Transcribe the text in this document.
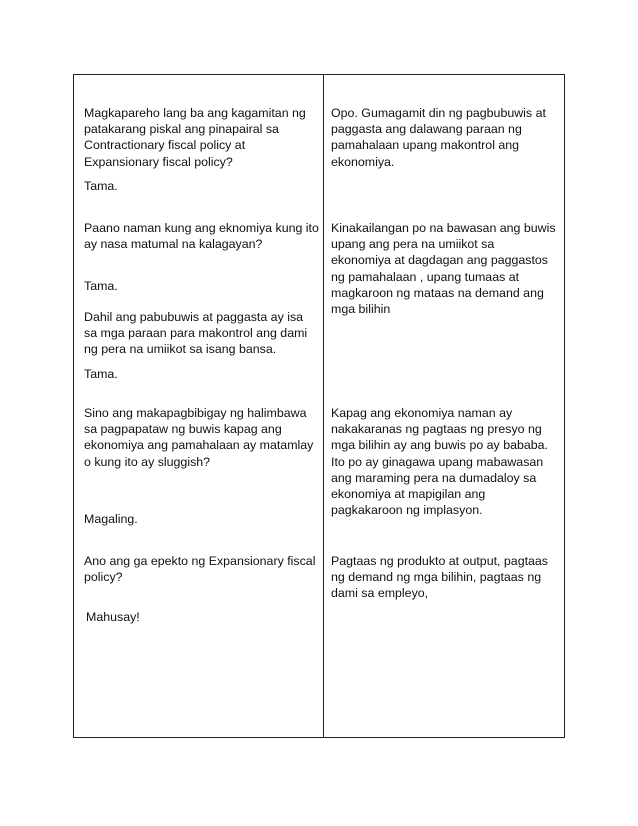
Magkapareho lang ba ang kagamitan ng
patakarang piskal ang pinapairal sa
Contractionary fiscal policy at
Expansionary fiscal policy?

Tama.

Paano naman kung ang eknomiya kung ito
ay nasa matumal na kalagayan?

Tama.

Dahil ang pabubuwis at paggasta ay isa
sa mga paraan para makontrol ang dami
ng pera na umiikot sa isang bansa.

Tama.

Sino ang makapagbibigay ng halimbawa
sa pagpapataw ng buwis kapag ang
ekonomiya ang pamahalaan ay matamlay
o kung ito ay sluggish?

Magaling.

Ano ang ga epekto ng Expansionary fiscal
policy?

Mahusay!

Opo. Gumagamit din ng pagbubuwis at
paggasta ang dalawang paraan ng
pamahalaan upang makontrol ang
ekonomiya.

Kinakailangan po na bawasan ang buwis
upang ang pera na umiikot sa
ekonomiya at dagdagan ang paggastos
ng pamahalaan , upang tumaas at
magkaroon ng mataas na demand ang
mga bilihin

Kapag ang ekonomiya naman ay
nakakaranas ng pagtaas ng presyo ng
mga bilihin ay ang buwis po ay bababa.
Ito po ay ginagawa upang mabawasan
ang maraming pera na dumadaloy sa
ekonomiya at mapigilan ang
pagkakaroon ng implasyon.

Pagtaas ng produkto at output, pagtaas
ng demand ng mga bilihin, pagtaas ng
dami sa empleyo,
